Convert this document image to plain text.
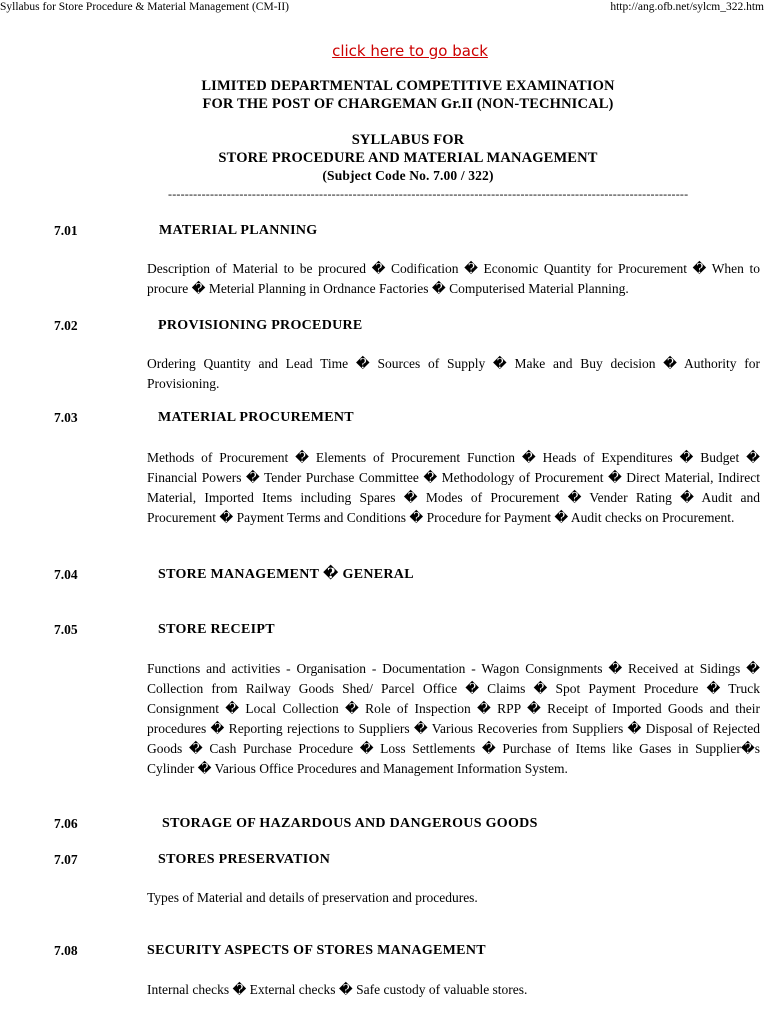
Syllabus for Store Procedure & Material Management (CM-II)	http://ang.ofb.net/sylcm_322.htm
click here to go back
LIMITED DEPARTMENTAL COMPETITIVE EXAMINATION
FOR THE POST OF CHARGEMAN Gr.II (NON-TECHNICAL)
SYLLABUS FOR
STORE PROCEDURE AND MATERIAL MANAGEMENT
(Subject Code No. 7.00 / 322)
----------------------------------------------------------------------------------------------------------------------------
7.01	MATERIAL PLANNING
Description of Material to be procured � Codification � Economic Quantity for Procurement � When to procure � Meterial Planning in Ordnance Factories � Computerised Material Planning.
7.02	PROVISIONING PROCEDURE
Ordering Quantity and Lead Time � Sources of Supply � Make and Buy decision � Authority for Provisioning.
7.03	MATERIAL PROCUREMENT
Methods of Procurement � Elements of Procurement Function � Heads of Expenditures � Budget � Financial Powers � Tender Purchase Committee � Methodology of Procurement � Direct Material, Indirect Material, Imported Items including Spares � Modes of Procurement � Vender Rating � Audit and Procurement � Payment Terms and Conditions � Procedure for Payment � Audit checks on Procurement.
7.04	STORE MANAGEMENT � GENERAL
7.05	STORE RECEIPT
Functions and activities - Organisation - Documentation - Wagon Consignments � Received at Sidings � Collection from Railway Goods Shed/ Parcel Office � Claims � Spot Payment Procedure � Truck Consignment � Local Collection � Role of Inspection � RPP � Receipt of Imported Goods and their procedures � Reporting rejections to Suppliers � Various Recoveries from Suppliers � Disposal of Rejected Goods � Cash Purchase Procedure � Loss Settlements � Purchase of Items like Gases in Supplier�s Cylinder � Various Office Procedures and Management Information System.
7.06	STORAGE OF HAZARDOUS AND DANGEROUS GOODS
7.07	STORES PRESERVATION
Types of Material and details of preservation and procedures.
7.08	SECURITY ASPECTS OF STORES MANAGEMENT
Internal checks � External checks � Safe custody of valuable stores.
